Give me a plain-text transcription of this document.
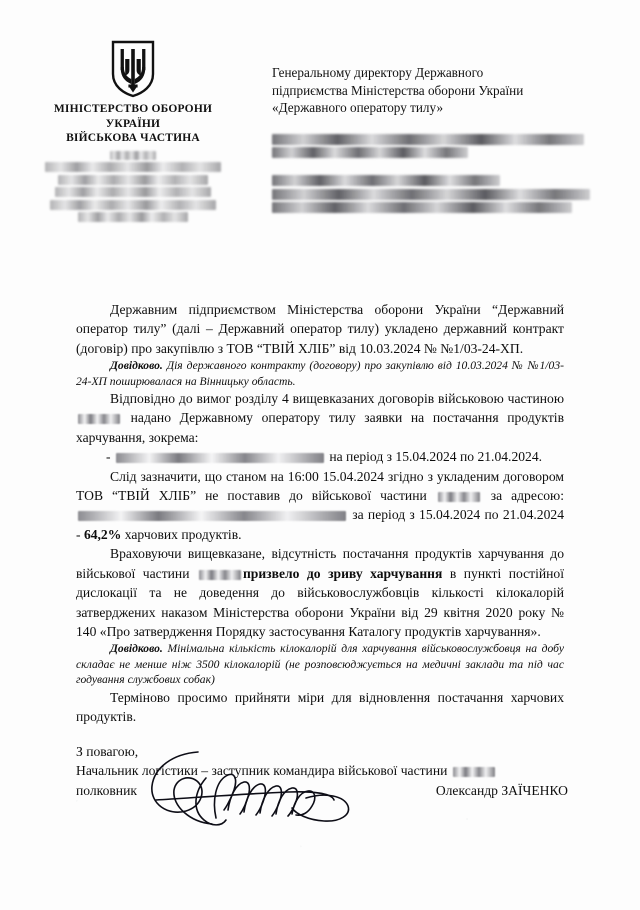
МІНІСТЕРСТВО ОБОРОНИ
УКРАЇНИ
ВІЙСЬКОВА ЧАСТИНА
Генеральному директору Державного
підприємства Міністерства оборони України
«Державного оператору тилу»

Державним підприємством Міністерства оборони України “Державний оператор тилу” (далі – Державний оператор тилу) укладено державний контракт (договір) про закупівлю з ТОВ “ТВІЙ ХЛІБ” від 10.03.2024 № №1/03-24-ХП.

Довідково. Дія державного контракту (договору) про закупівлю від 10.03.2024 № №1/03-24-ХП поширювалася на Вінницьку область.

Відповідно до вимог розділу 4 вищевказаних договорів військовою частиною  надано Державному оператору тилу заявки на постачання продуктів харчування, зокрема:

-	на період з 15.04.2024 по 21.04.2024.

Слід зазначити, що станом на 16:00 15.04.2024 згідно з укладеним договором ТОВ “ТВІЙ ХЛІБ” не поставив до військової частини	за адресою:  за період з 15.04.2024 по 21.04.2024 - 64,2% харчових продуктів.

Враховуючи вищевказане, відсутність постачання продуктів харчування до військової частини	призвело до зриву харчування в пункті постійної дислокації та не доведення до військовослужбовців кількості кілокалорій затверджених наказом Міністерства оборони України від 29 квітня 2020 року № 140 «Про затвердження Порядку застосування Каталогу продуктів харчування».

Довідково. Мінімальна кількість кілокалорій для харчування військовослужбовця на добу складає не менше ніж 3500 кілокалорій (не розповсюджується на медичні заклади та під час годування службових собак)

Терміново просимо прийняти міри для відновлення постачання харчових продуктів.

З повагою,
Начальник логістики – заступник командира військової частини
полковник	Олександр ЗАЇЧЕНКО
